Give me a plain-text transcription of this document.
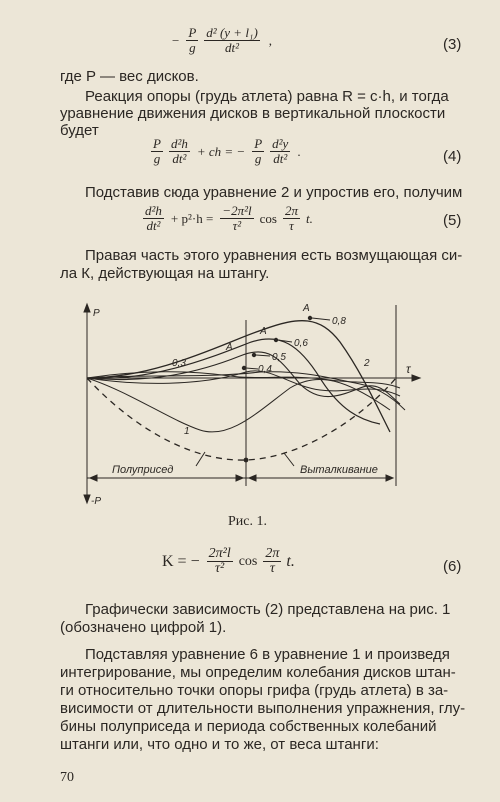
− $\frac{P}{g} \frac{\text{d² (y + l₁)}}{\text{dt²}}$ ,	(3)
где P — вес дисков.
Реакция опоры (грудь атлета) равна R = c·h, и тогда
уравнение движения дисков в вертикальной плоскости
будет
$\frac{P}{g} \frac{\text{d²h}}{\text{dt²}}$ + ch = − $\frac{P}{g} \frac{\text{d²y}}{\text{dt²}}$ .	(4)
Подставив сюда уравнение 2 и упростив его, получим
$\frac{\text{d²h}}{\text{dt²}} + p^2\cdot h = \frac{\text{−2π²l}}{\text{τ²}}$ $\cos \frac{2\pi}{\tau} t$.	(5)
Правая часть этого уравнения есть возмущающая си-
ла К, действующая на штангу.
P
-P
τ
A
A
A
0,8
0,6
0,5
0,4
0,3	2
1
Полуприсед	Выталкивание
Рис. 1.
K = − $\frac{\text{2π²l}}{\text{τ²}}$ $\cos \frac{2\pi}{\tau} t$.	(6)
Графически зависимость (2) представлена на рис. 1
(обозначено цифрой 1).
Подставляя уравнение 6 в уравнение 1 и произведя
интегрирование, мы определим колебания дисков штан-
ги относительно точки опоры грифа (грудь атлета) в за-
висимости от длительности выполнения упражнения, глу-
бины полуприседа и периода собственных колебаний
штанги или, что одно и то же, от веса штанги:
70
